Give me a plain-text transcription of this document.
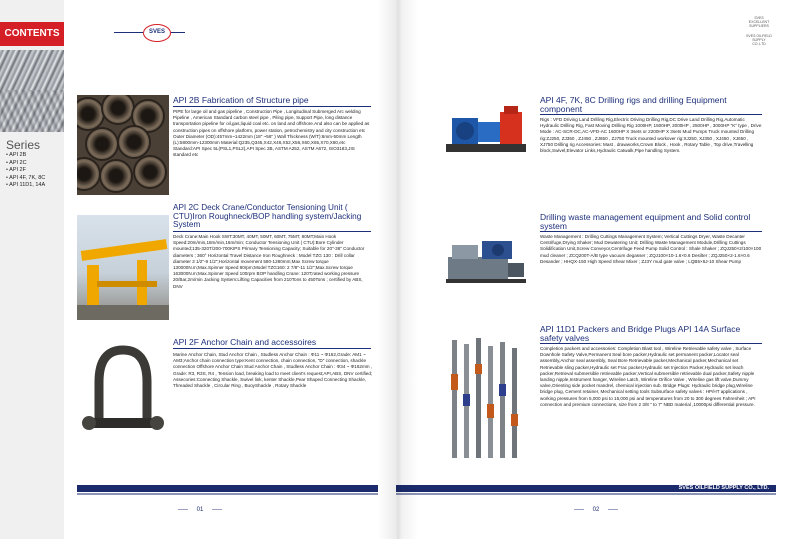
CONTENTS
Series
• API 2B
• API 2C
• API 2F
• API 4F, 7K, 8C
• API 11D1, 14A
SVES
API 2B Fabrication of Structure pipe
PIPE for large oil and gas pipeline , Construction Pipe , Longitudinal Submerged Arc welding Pipeline , American Standard carbon steel pipe , Piling pipe, Support Pipe, long distance transportation pipeline for oil,gas,liquid coal etc. on land and offshore.And also can be applied as construction pipes on offshore platform, power station, petrochemistry and city construction etc Outer Diameter (OD):457mm~1422mm (18" ~56" ) Wall Thickness (W/T):6mm-50mm Length (L):5800mm-12300mm Material:Q235,Q345,X42,X46,X52,X56,X60,X65,X70,X80,etc Standard:API Spec 5L(PSL1,PSL2),API Spec 2B, ASTM A252, ASTM A672, ISO3183,JIS standard etc
API 2C Deck Crane/Conductor Tensioning Unit ( CTU)Iron Roughneck/BOP handling system/Jacking System
Deck Crane:Main Hook SWT:30MT, 40MT, 50MT, 60MT, 75MT, 80MT;Main Hook Speed:20m/min,18m/min,16m/min; Conductor Tensioning Unit ( CTU):Bore Cylinder mounted;135-320T/200-700KIPS Primary Tensioning Capacity; Suitable for 20"-36" Conductor diameters ; 360° Horizontal Travel Distance Iron Roughneck : Model TZG 130 : Drill collar diameter 3 1/2"-9 1/2";Horizontal movement 580-1280mm;Max Screw torque 130000N.m;Max.Spinner Speed 80rpm;Model TZG160: 2 7/8"-11 1/2";Max.Screw torque 163000N.m;Max.Spinner Speed 100rpm BOP handling Crane: 120T;rated working pressure 20/Bar,2m/min Jacking System:Lifting Capacities from 210Tons to 450Tons ; certified by ABS, DNV
API 2F Anchor Chain and accessoires
Marine Anchor Chain, Stud Anchor Chain , Studless Anchor Chain : Φ11 ~ Φ162,Grade: AM1 ~ AM3;Anchor chain connection type:Kent connection, chain connection, "D" connection, shackle connection Offshore Anchor Chain Stud Anchor Chain , Studless Anchor Chain : Φ34 ~ Φ162mm , Grade: R3, R3S, R4 , Tension load, breaking load to meet client's request;API,ABS, DNV certified; Assecories:Connecting Shackle, Swivel link, kenter Shackle,Pear Shaped Connecting Shackle, Threaded Shackle , Circular Ring , BuoyShackle , Rotary Shackle
01
SVES
EXCELLENT
SUPPLIERS
SVES OILFIELD
SUPPLY
CO.,LTD
API 4F, 7K, 8C Drilling rigs and drilling Equipment component
Rigs : VFD Driving Land Drilling Rig,Electric Driving Drilling Rig,DC Drive Land Drilling Rig,Automatic Hydraulic Drilling Rig, Fast Moving Drilling Rig 1000HP, 1500HP, 2000HP , 2500HP , 3000HP "K" type , Drive Mode : AC-SCR-DC,AC-VFD-AC 1600HP X 3sets or 2200HP X 3sets Mud Pumps Truck mounted Drilling rig:ZJ250, ZJ350 , ZJ450 , ZJ650 , ZJ750 Truck mounted workover rig:XJ250, XJ350 , XJ450 , XJ650 , XJ750 Drilling rig Accessories: Mast , drawworks,Crown Block , Hook , Rotary Table , Top drive,Travelling block,Swivel,Elevator Links,Hydraulic Catwalk,Pipe handling System.
Drilling waste management equipment and Solid control system
Waste Management : Drilling Cuttings Management System; Vertical Cuttings Dryer, Waste Decanter Centrifuge,Drying Shaker; Mud Dewatering Unit; Drilling Waste Management Module,Drilling Cuttings Solidification Unit,Screw Conveyor,Centrifuge Feed Pump Solid Control : Shale Shaker ; ZQJ250×2/100×100 mud cleaner ; ZCQ200T-A/B type vacuum degasser ; ZQJ100×10-1.6×0.6 Desilter ; ZQJ250×2-1.6×0.6 Desander ; HHQX-150 High Speed Shear Mixer ; ZJ3Y mud gate valve ; LQB5×6J-10 Shear Pump
API 11D1 Packers and Bridge Plugs API 14A Surface safety valves
Completion packers and accessories: Completion Blast tool , Wireline Retrievable safety valve , Surface Downhole Safety Valve,Permanent Seal bore packer,Hydraulic set permanent packer,Locator seal assembly,Anchor seal assembly, Seal Bore Retrievable packer,Mechanical packer,Mechanical set Retrievable sling packer,Hydraulic set Frac packer,Hydraulic set Injection Packer,Hydraulic set leach packer,Retrieval submersible retrievable packer,Vertical submersible retrievable dual packer,Safety nipple landing nipple,Instrument hanger, Wireline Latch, Wireline Orifice Valve , Wireline gas lift valve,Dummy valve,Orienting side pocket mandrel, chemical injection sub. Bridge Plugs: Hydraulic bridge plug,Wireline bridge plug, Cement retainer, Mechanical setting tools Subsurface safety valves : HP/HT applications , working pressures from 5,000 psi to 15,000 psi and temperatures from 20 to 300 degrees Fahrenheit ; API connection and premium connections, size from 2 3/8 " to 7" NBD material ,10000psi differential pressure.
SVES OILFIELD SUPPLY CO., LTD.
02
